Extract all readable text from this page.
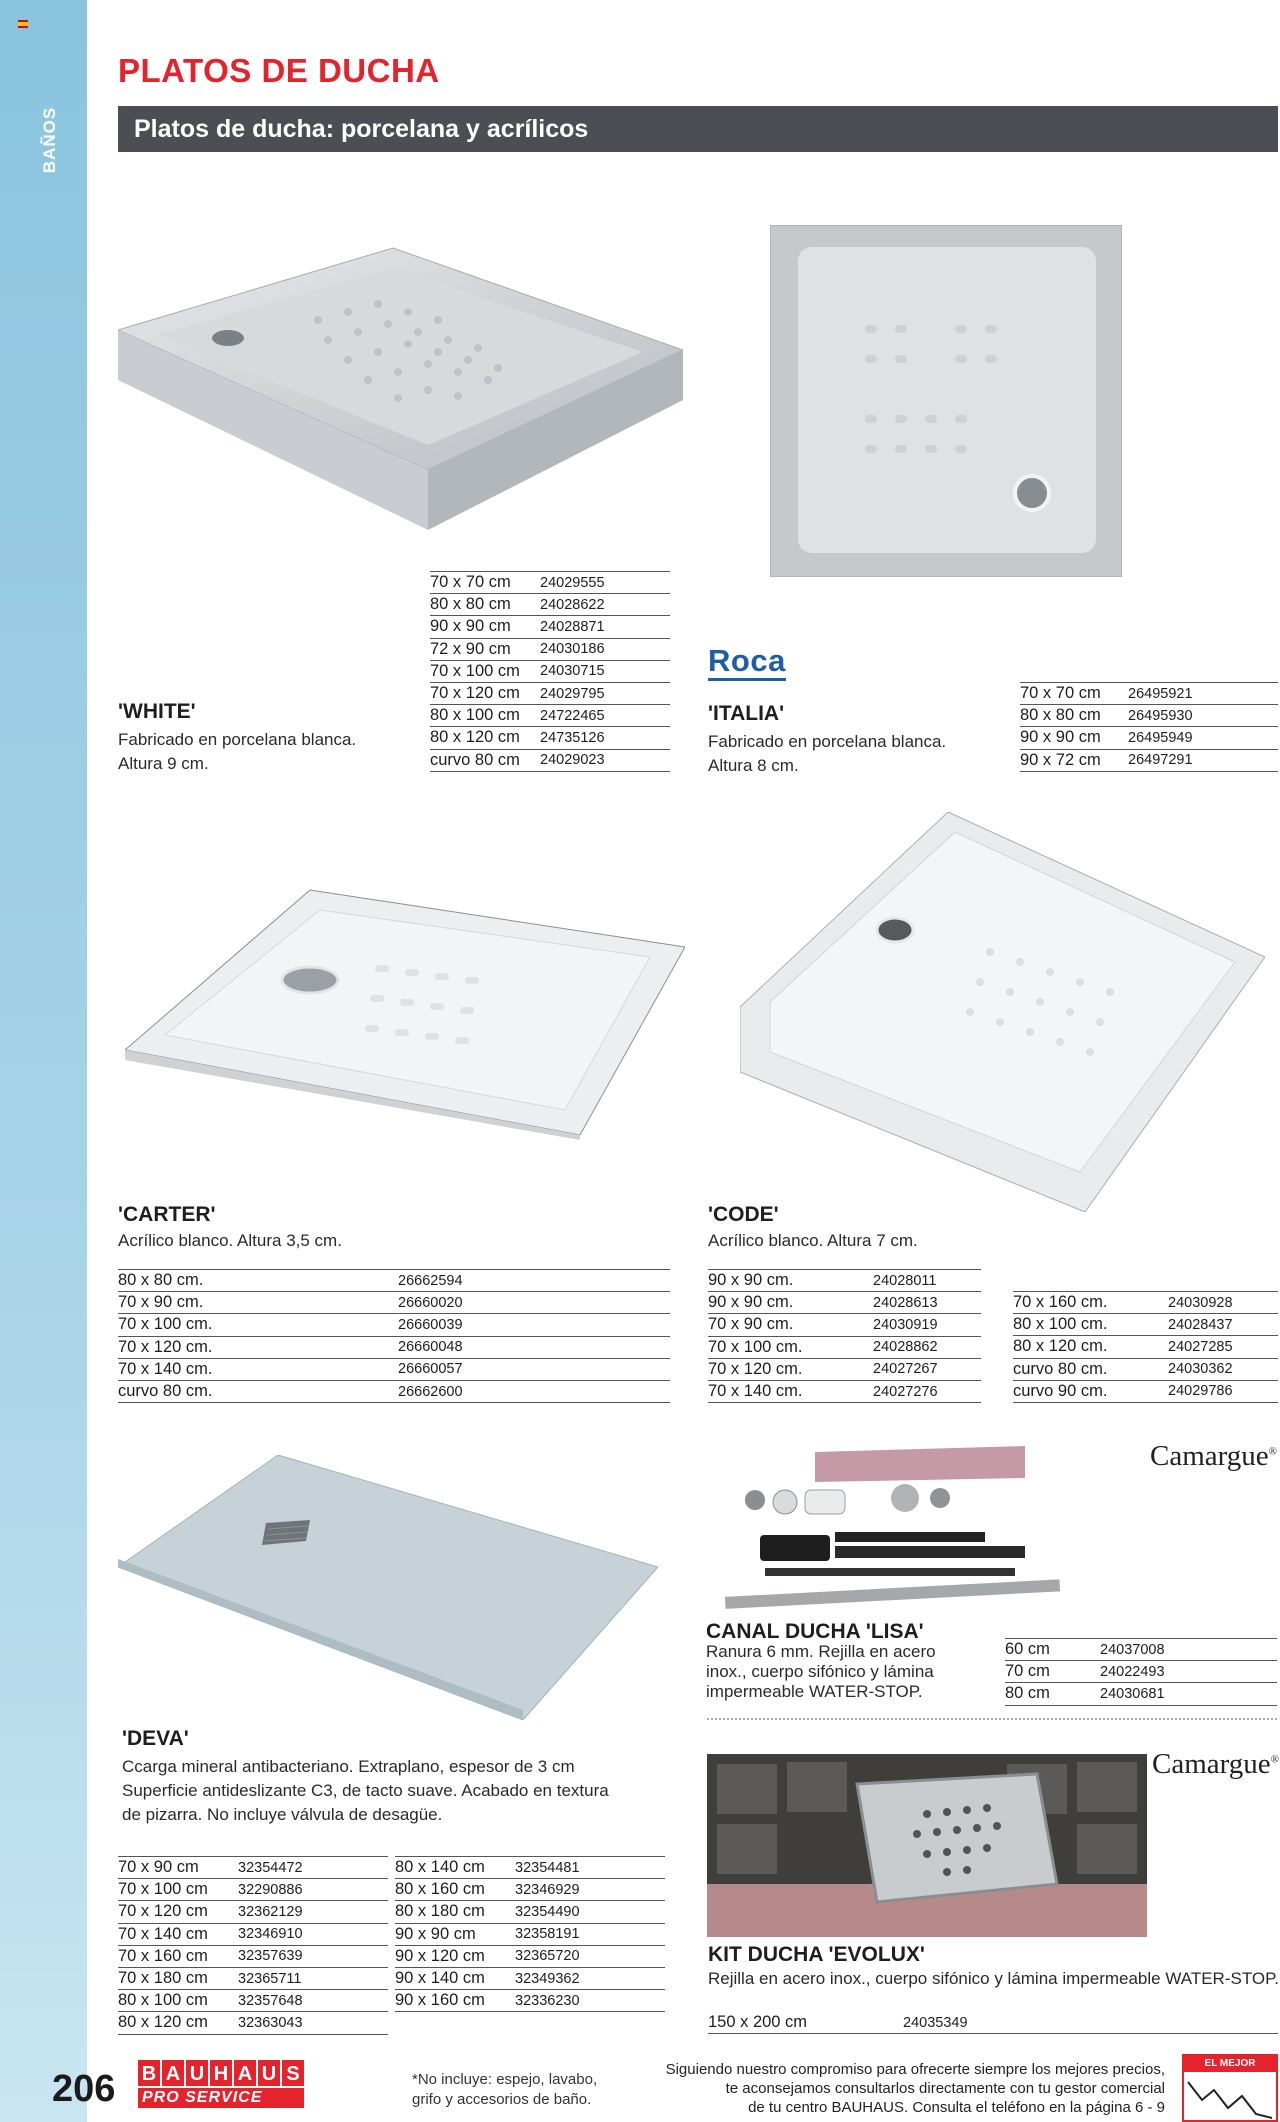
BAÑOS
PLATOS DE DUCHA
Platos de ducha: porcelana y acrílicos
'WHITE'
Fabricado en porcelana blanca.
Altura 9 cm.
70 x 70 cm	24029555
80 x 80 cm	24028622
90 x 90 cm	24028871
72 x 90 cm	24030186
70 x 100 cm	24030715
70 x 120 cm	24029795
80 x 100 cm	24722465
80 x 120 cm	24735126
curvo 80 cm	24029023
Roca
'ITALIA'
Fabricado en porcelana blanca.
Altura 8 cm.
70 x 70 cm	26495921
80 x 80 cm	26495930
90 x 90 cm	26495949
90 x 72 cm	26497291
'CARTER'
Acrílico blanco. Altura 3,5 cm.
80 x 80 cm.	26662594
70 x 90 cm.	26660020
70 x 100 cm.	26660039
70 x 120 cm.	26660048
70 x 140 cm.	26660057
curvo 80 cm.	26662600
'CODE'
Acrílico blanco. Altura 7 cm.
90 x 90 cm.	24028011
90 x 90 cm.	24028613
70 x 90 cm.	24030919
70 x 100 cm.	24028862
70 x 120 cm.	24027267
70 x 140 cm.	24027276
70 x 160 cm.	24030928
80 x 100 cm.	24028437
80 x 120 cm.	24027285
curvo 80 cm.	24030362
curvo 90 cm.	24029786
Camargue®
CANAL DUCHA 'LISA'
Ranura 6 mm. Rejilla en acero
inox., cuerpo sifónico y lámina
impermeable WATER-STOP.
60 cm	24037008
70 cm	24022493
80 cm	24030681
'DEVA'
Ccarga mineral antibacteriano. Extraplano, espesor de 3 cm
Superficie antideslizante C3, de tacto suave. Acabado en textura
de pizarra. No incluye válvula de desagüe.
70 x 90 cm	32354472
70 x 100 cm	32290886
70 x 120 cm	32362129
70 x 140 cm	32346910
70 x 160 cm	32357639
70 x 180 cm	32365711
80 x 100 cm	32357648
80 x 120 cm	32363043
80 x 140 cm	32354481
80 x 160 cm	32346929
80 x 180 cm	32354490
90 x 90 cm	32358191
90 x 120 cm	32365720
90 x 140 cm	32349362
90 x 160 cm	32336230
Camargue®
KIT DUCHA 'EVOLUX'
Rejilla en acero inox., cuerpo sifónico y lámina impermeable WATER-STOP.
150 x 200 cm	24035349
206 B A U H A U S
PRO SERVICE
*No incluye: espejo, lavabo, grifo y accesorios de baño.
Siguiendo nuestro compromiso para ofrecerte siempre los mejores precios,
te aconsejamos consultarlos directamente con tu gestor comercial
de tu centro BAUHAUS. Consulta el teléfono en la página 6 - 9
EL MEJOR PRECIO
